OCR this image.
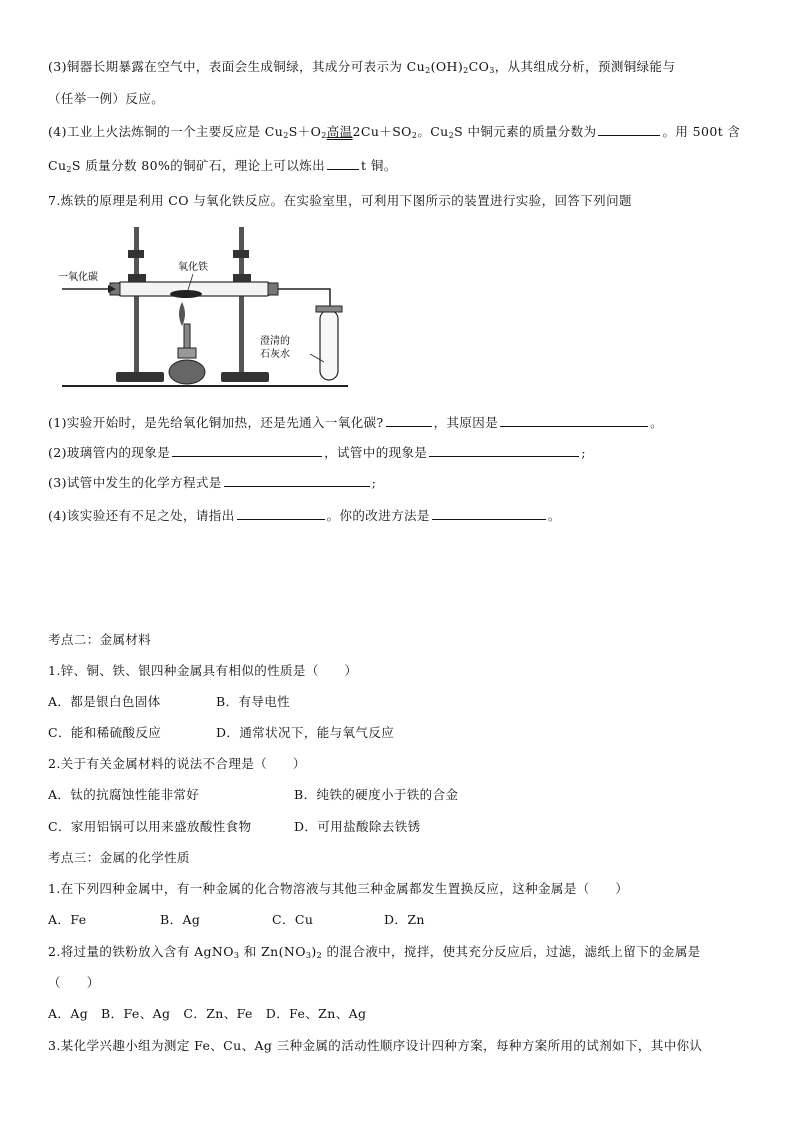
(3)铜器长期暴露在空气中，表面会生成铜绿，其成分可表示为 $Cu_2(OH)_2CO_3$，从其组成分析，预测铜绿能与
（任举一例）反应。
(4)工业上火法炼铜的一个主要反应是 $Cu_2S+O_2$高温$2Cu+SO_2$。$Cu_2S$ 中铜元素的质量分数为	。用 500t 含
$Cu_2S$ 质量分数 80%的铜矿石，理论上可以炼出	t 铜。
7.炼铁的原理是利用 CO 与氧化铁反应。在实验室里，可利用下图所示的装置进行实验，回答下列问题
一氧化碳
氧化铁
澄清的
石灰水
(1)实验开始时，是先给氧化铜加热，还是先通入一氧化碳?	，其原因是	。
(2)玻璃管内的现象是	，试管中的现象是	;
(3)试管中发生的化学方程式是	;
(4)该实验还有不足之处，请指出	。你的改进方法是	。
考点二：金属材料
1.锌、铜、铁、银四种金属具有相似的性质是（　　）
A．都是银白色固体	B．有导电性
C．能和稀硫酸反应	D．通常状况下，能与氧气反应
2.关于有关金属材料的说法不合理是（　　）
A．钛的抗腐蚀性能非常好	B．纯铁的硬度小于铁的合金
C．家用铝锅可以用来盛放酸性食物	D．可用盐酸除去铁锈
考点三：金属的化学性质
1.在下列四种金属中，有一种金属的化合物溶液与其他三种金属都发生置换反应，这种金属是（　　）
A．Fe	B．Ag	C．Cu	D．Zn
2.将过量的铁粉放入含有 AgNO$_3$ 和 $Zn(NO_3)_2$ 的混合液中，搅拌，使其充分反应后，过滤，滤纸上留下的金属是
（　　）
A．Ag　B．Fe、Ag　C．Zn、Fe　D．Fe、Zn、Ag
3.某化学兴趣小组为测定 Fe、Cu、Ag 三种金属的活动性顺序设计四种方案，每种方案所用的试剂如下，其中你认
